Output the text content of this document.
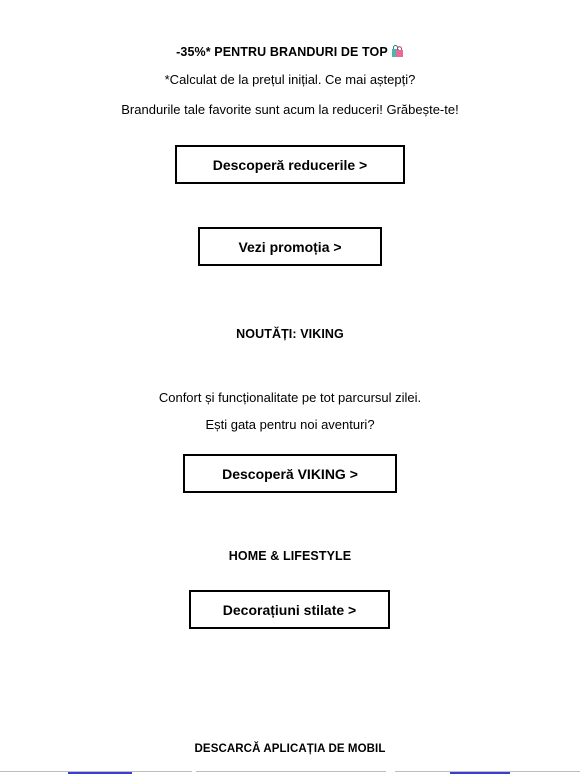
-35%* PENTRU BRANDURI DE TOP
*Calculat de la prețul inițial. Ce mai aștepți?
Brandurile tale favorite sunt acum la reduceri! Grăbește-te!
Descoperă reducerile >
Vezi promoția >
NOUTĂȚI: VIKING
Confort și funcționalitate pe tot parcursul zilei.
Ești gata pentru noi aventuri?
Descoperă VIKING >
HOME & LIFESTYLE
Decorațiuni stilate >
DESCARCĂ APLICAȚIA DE MOBIL
